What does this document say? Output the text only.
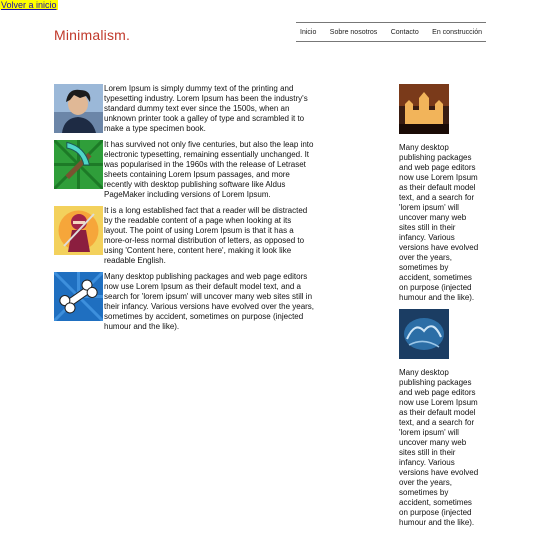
Volver a inicio
Minimalism.	Inicio Sobre nosotros Contacto En construcción

Lorem Ipsum is simply dummy text of the printing and typesetting industry. Lorem Ipsum has been the industry's standard dummy text ever since the 1500s, when an unknown printer took a galley of type and scrambled it to make a type specimen book.

It has survived not only five centuries, but also the leap into electronic typesetting, remaining essentially unchanged. It was popularised in the 1960s with the release of Letraset sheets containing Lorem Ipsum passages, and more recently with desktop publishing software like Aldus PageMaker including versions of Lorem Ipsum.

It is a long established fact that a reader will be distracted by the readable content of a page when looking at its layout. The point of using Lorem Ipsum is that it has a more-or-less normal distribution of letters, as opposed to using 'Content here, content here', making it look like readable English.

Many desktop publishing packages and web page editors now use Lorem Ipsum as their default model text, and a search for 'lorem ipsum' will uncover many web sites still in their infancy. Various versions have evolved over the years, sometimes by accident, sometimes on purpose (injected humour and the like).

Many desktop publishing packages and web page editors now use Lorem Ipsum as their default model text, and a search for 'lorem ipsum' will uncover many web sites still in their infancy. Various versions have evolved over the years, sometimes by accident, sometimes on purpose (injected humour and the like).

Many desktop publishing packages and web page editors now use Lorem Ipsum as their default model text, and a search for 'lorem ipsum' will uncover many web sites still in their infancy. Various versions have evolved over the years, sometimes by accident, sometimes on purpose (injected humour and the like).
